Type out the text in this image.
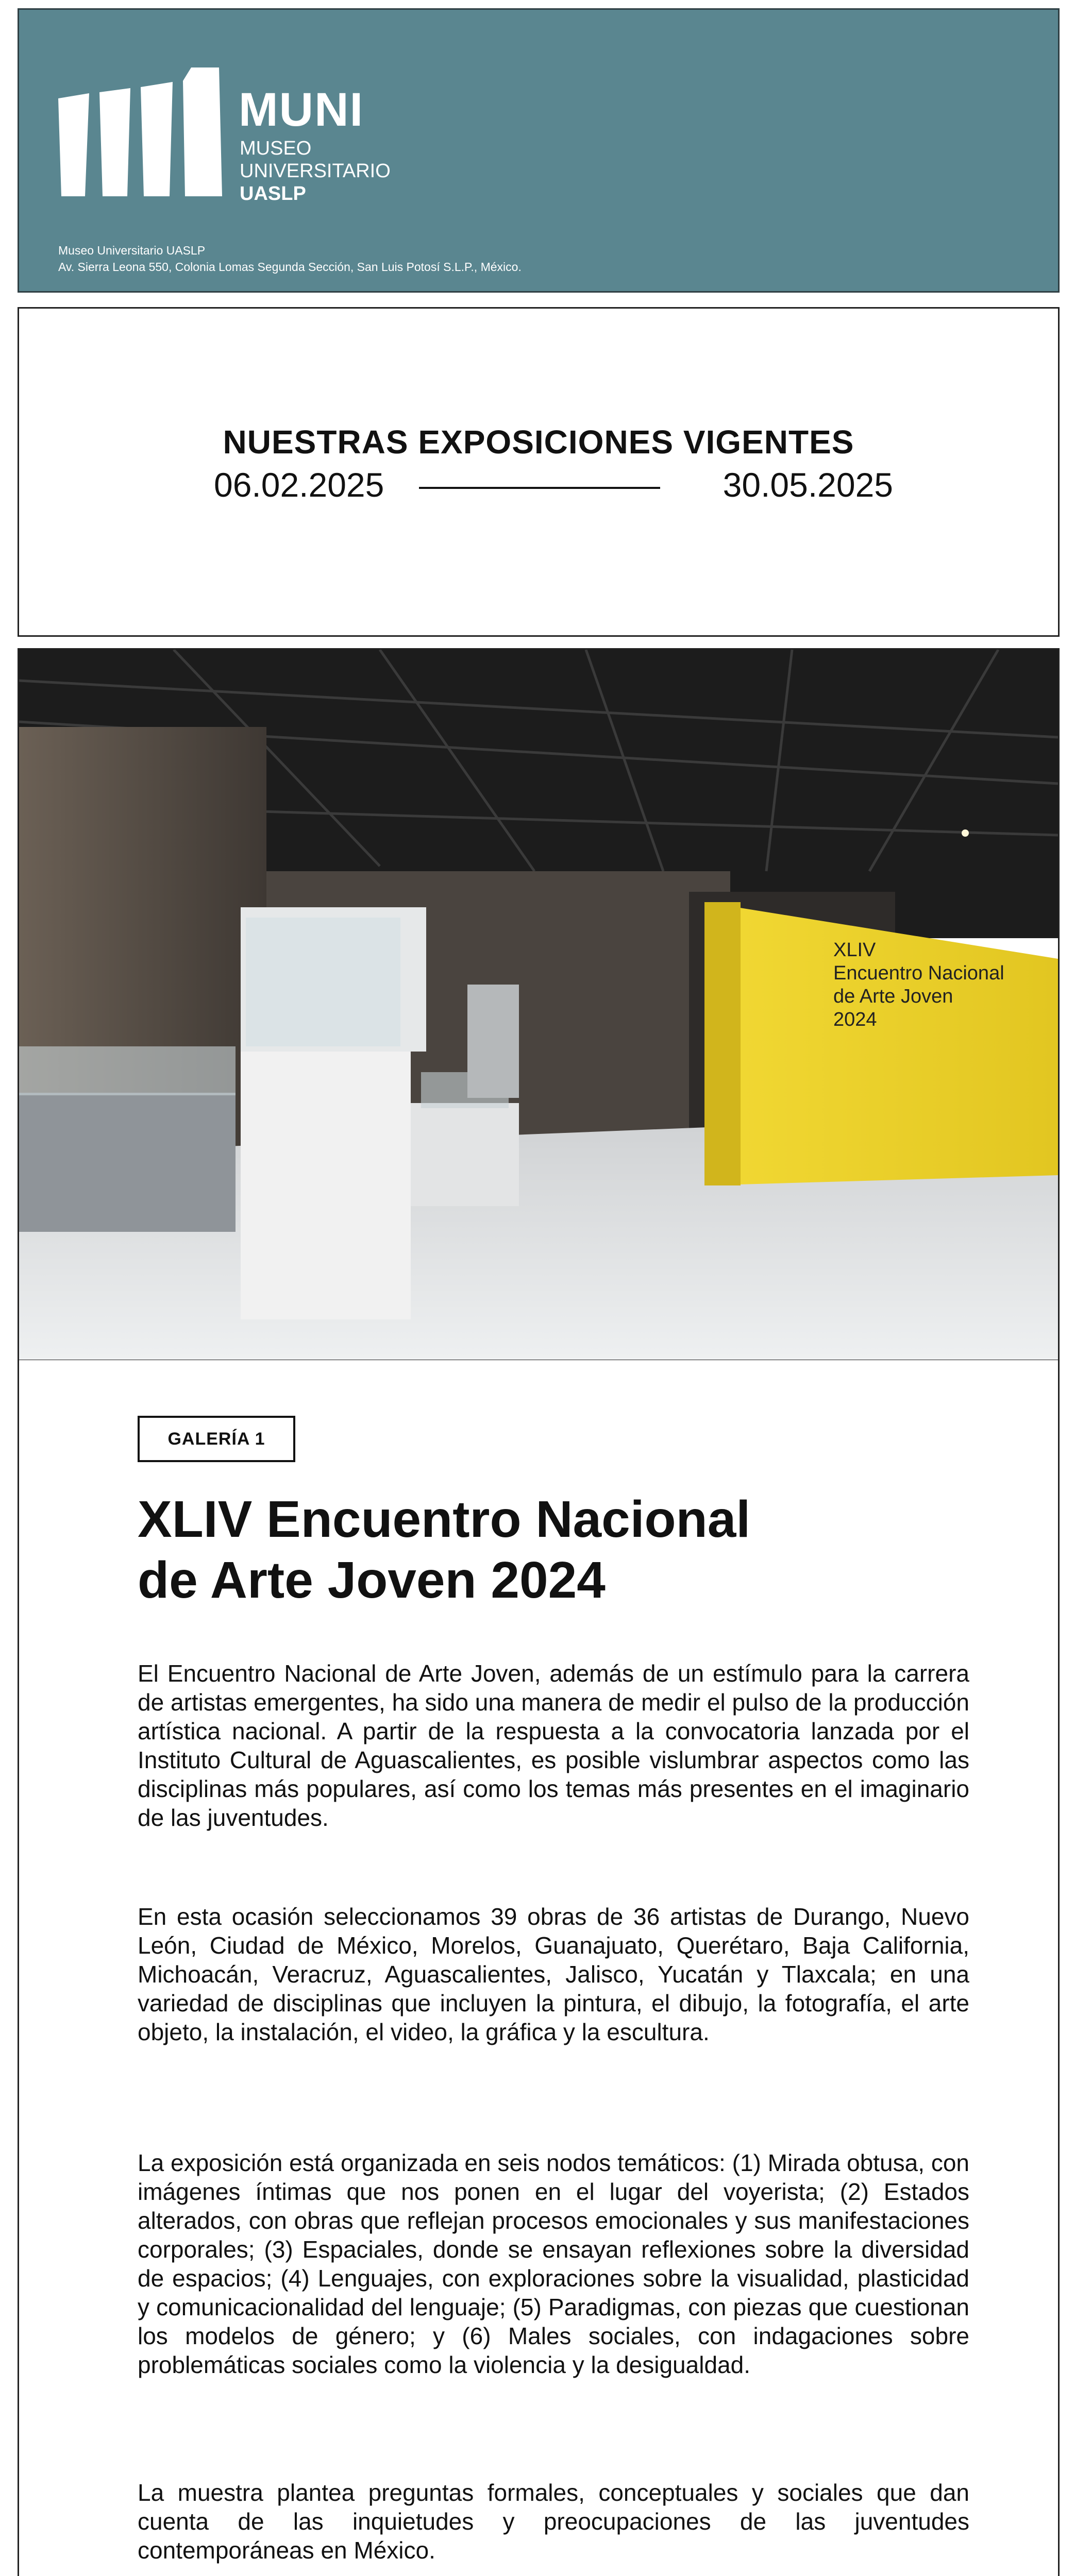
MUNI
MUSEO
UNIVERSITARIO
UASLP
Museo Universitario UASLP
Av. Sierra Leona 550, Colonia Lomas Segunda Sección, San Luis Potosí S.L.P., México.
NUESTRAS EXPOSICIONES VIGENTES
06.02.2025	30.05.2025
XLIV
Encuentro Nacional
de Arte Joven
2024
GALERÍA 1
XLIV Encuentro Nacional
de Arte Joven 2024

El Encuentro Nacional de Arte Joven, además de un estímulo para la carrera de artistas emergentes, ha sido una manera de medir el pulso de la producción artística nacional. A partir de la respuesta a la convocatoria lanzada por el Instituto Cultural de Aguascalientes, es posible vislumbrar aspectos como las disciplinas más populares, así como los temas más presentes en el imaginario de las juventudes.

En esta ocasión seleccionamos 39 obras de 36 artistas de Durango, Nuevo León, Ciudad de México, Morelos, Guanajuato, Querétaro, Baja California, Michoacán, Veracruz, Aguascalientes, Jalisco, Yucatán y Tlaxcala; en una variedad de disciplinas que incluyen la pintura, el dibujo, la fotografía, el arte objeto, la instalación, el video, la gráfica y la escultura.

La exposición está organizada en seis nodos temáticos: (1) Mirada obtusa, con imágenes íntimas que nos ponen en el lugar del voyerista; (2) Estados alterados, con obras que reflejan procesos emocionales y sus manifestaciones corporales; (3) Espaciales, donde se ensayan reflexiones sobre la diversidad de espacios; (4) Lenguajes, con exploraciones sobre la visualidad, plasticidad y comunicacionalidad del lenguaje; (5) Paradigmas, con piezas que cuestionan los modelos de género; y (6) Males sociales, con indagaciones sobre problemáticas sociales como la violencia y la desigualdad.

La muestra plantea preguntas formales, conceptuales y sociales que dan cuenta de las inquietudes y preocupaciones de las juventudes contemporáneas en México.
